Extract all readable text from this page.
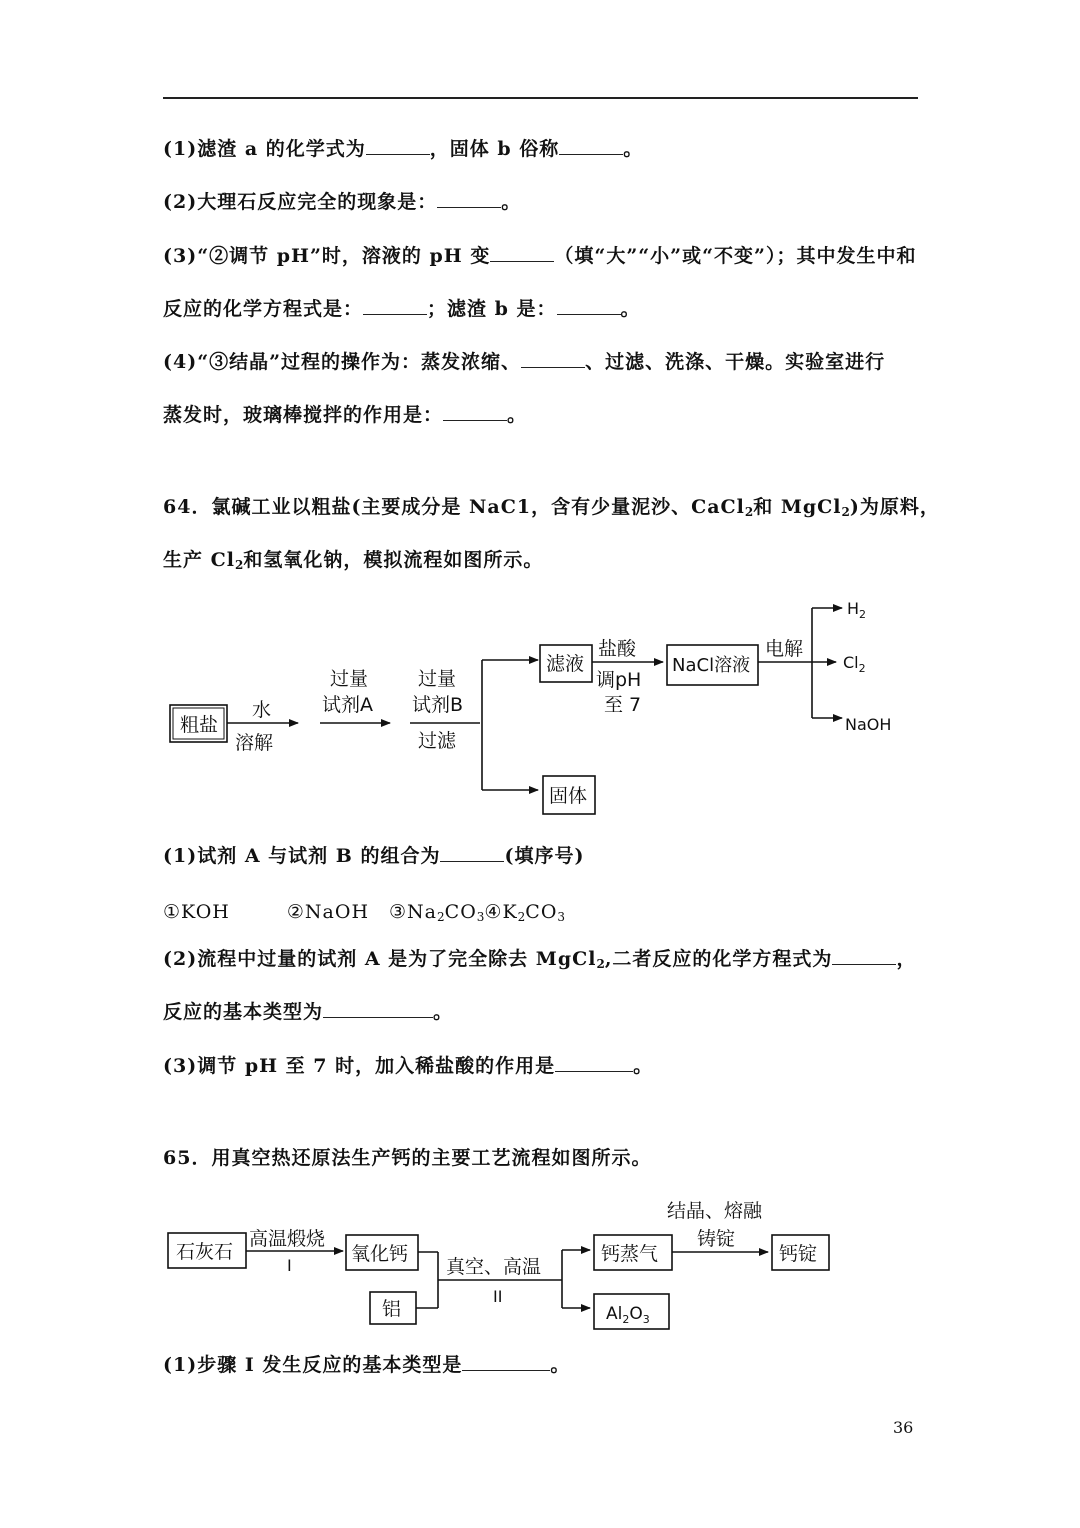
(1)滤渣 a 的化学式为	，固体 b 俗称	。
(2)大理石反应完全的现象是：	。
(3)“②调节 pH”时，溶液的 pH 变	（填“大”“小”或“不变”）；其中发生中和
反应的化学方程式是：	；滤渣 b 是：	。
(4)“③结晶”过程的操作为：蒸发浓缩、	、过滤、洗涤、干燥。实验室进行
蒸发时，玻璃棒搅拌的作用是：	。
64．氯碱工业以粗盐(主要成分是 NaC1，含有少量泥沙、CaCl$_2$和 MgCl$_2$)为原料，
生产 $Cl_2$和氢氧化钠，模拟流程如图所示。
粗盐
水
溶解
过量
试剂A
过量
试剂B
过滤
滤液
固体
盐酸
调pH
至 7
NaCl溶液
电解
$H_2$
$Cl_2$
NaOH
石灰石
高温煅烧
I
氧化钙
铝
真空、高温
II
钙蒸气
$Al_2O_3$
结晶、熔融
铸锭
钙锭
(1)试剂 A 与试剂 B 的组合为	(填序号)
①KOH	②NaOH $③Na_2CO_3④K_2CO_3$
(2)流程中过量的试剂 A 是为了完全除去 MgCl$_2$,二者反应的化学方程式为	，
反应的基本类型为	。
(3)调节 pH 至 7 时，加入稀盐酸的作用是	。
65．用真空热还原法生产钙的主要工艺流程如图所示。
(1)步骤 I 发生反应的基本类型是	。
36
